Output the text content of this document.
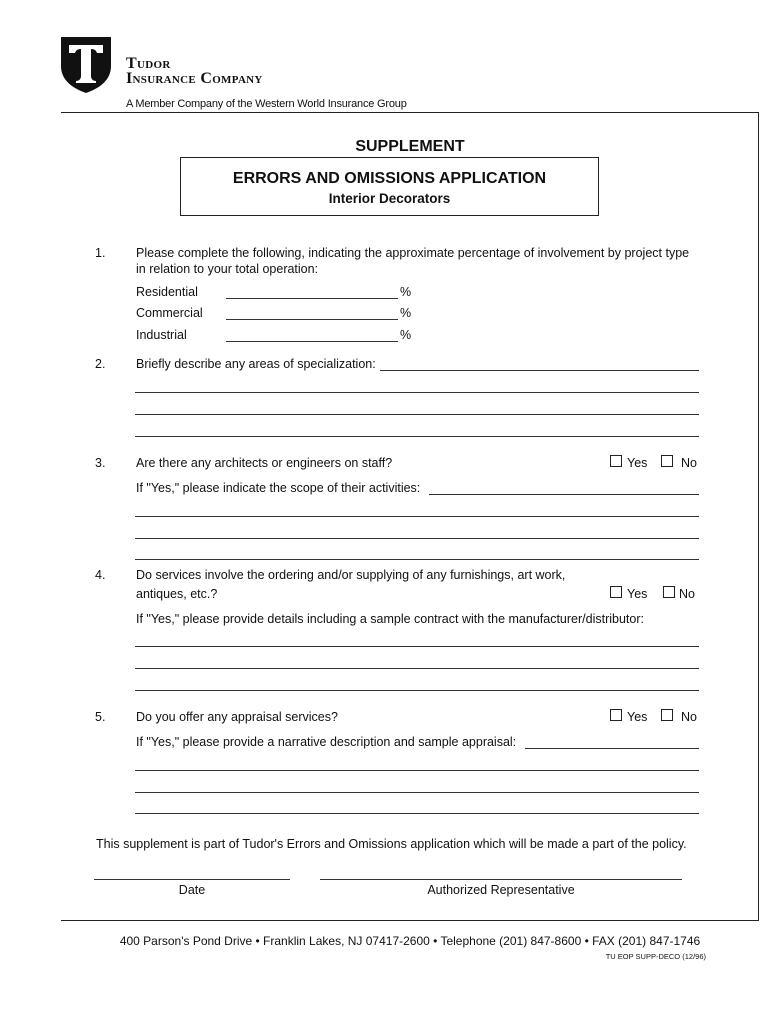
Tudor
Insurance Company
A Member Company of the Western World Insurance Group
SUPPLEMENT
ERRORS AND OMISSIONS APPLICATION
Interior Decorators
1. Please complete the following, indicating the approximate percentage of involvement by project type
in relation to your total operation:
Residential	%
Commercial	%
Industrial	%
2. Briefly describe any areas of specialization:
3. Are there any architects or engineers on staff?	Yes	No
If "Yes," please indicate the scope of their activities:
4. Do services involve the ordering and/or supplying of any furnishings, art work,
antiques, etc.?	Yes	No
If "Yes," please provide details including a sample contract with the manufacturer/distributor:
5. Do you offer any appraisal services?	Yes	No
If "Yes," please provide a narrative description and sample appraisal:
This supplement is part of Tudor's Errors and Omissions application which will be made a part of the policy.
Date	Authorized Representative
400 Parson's Pond Drive • Franklin Lakes, NJ 07417-2600 • Telephone (201) 847-8600 • FAX (201) 847-1746
TU EOP SUPP-DECO (12/96)
